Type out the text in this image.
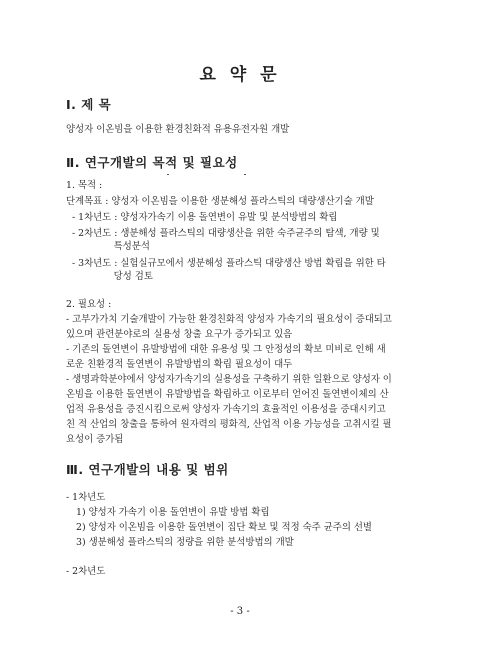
요 약 문
Ⅰ. 제 목
양성자 이온빔을 이용한 환경친화적 유용유전자원 개발
Ⅱ. 연구개발의 목적 및 필요성
1. 목적 :
단계목표 : 양성자 이온빔을 이용한 생분해성 플라스틱의 대량생산기술 개발
- 1차년도 : 양성자가속기 이용 돌연변이 유발 및 분석방법의 확립
- 2차년도 : 생분해성 플라스틱의 대량생산을 위한 숙주균주의 탐색, 개량 및
특성분석
- 3차년도 : 실험실규모에서 생분해성 플라스틱 대량생산 방법 확립을 위한 타
당성 검토
2. 필요성 :
- 고부가가치 기술개발이 가능한 환경친화적 양성자 가속기의 필요성이 증대되고
있으며 관련분야로의 실용성 창출 요구가 증가되고 있음
- 기존의 돌연변이 유발방법에 대한 유용성 및 그 안정성의 확보 미비로 인해 새
로운 친환경적 돌연변이 유발방법의 확립 필요성이 대두
- 생명과학분야에서 양성자가속기의 실용성을 구축하기 위한 일환으로 양성자 이
온빔을 이용한 돌연변이 유발방법을 확립하고 이로부터 얻어진 돌연변이체의 산
업적 유용성을 증진시킴으로써 양성자 가속기의 효율적인 이용성을 증대시키고
친 적 산업의 창출을 통하여 원자력의 평화적, 산업적 이용 가능성을 고취시킬 필
요성이 증가됨
Ⅲ. 연구개발의 내용 및 범위
- 1차년도
1) 양성자 가속기 이용 돌연변이 유발 방법 확립
2) 양성자 이온빔을 이용한 돌연변이 집단 확보 및 적정 숙주 균주의 선별
3) 생분해성 플라스틱의 정량을 위한 분석방법의 개발
- 2차년도
- 3 -
